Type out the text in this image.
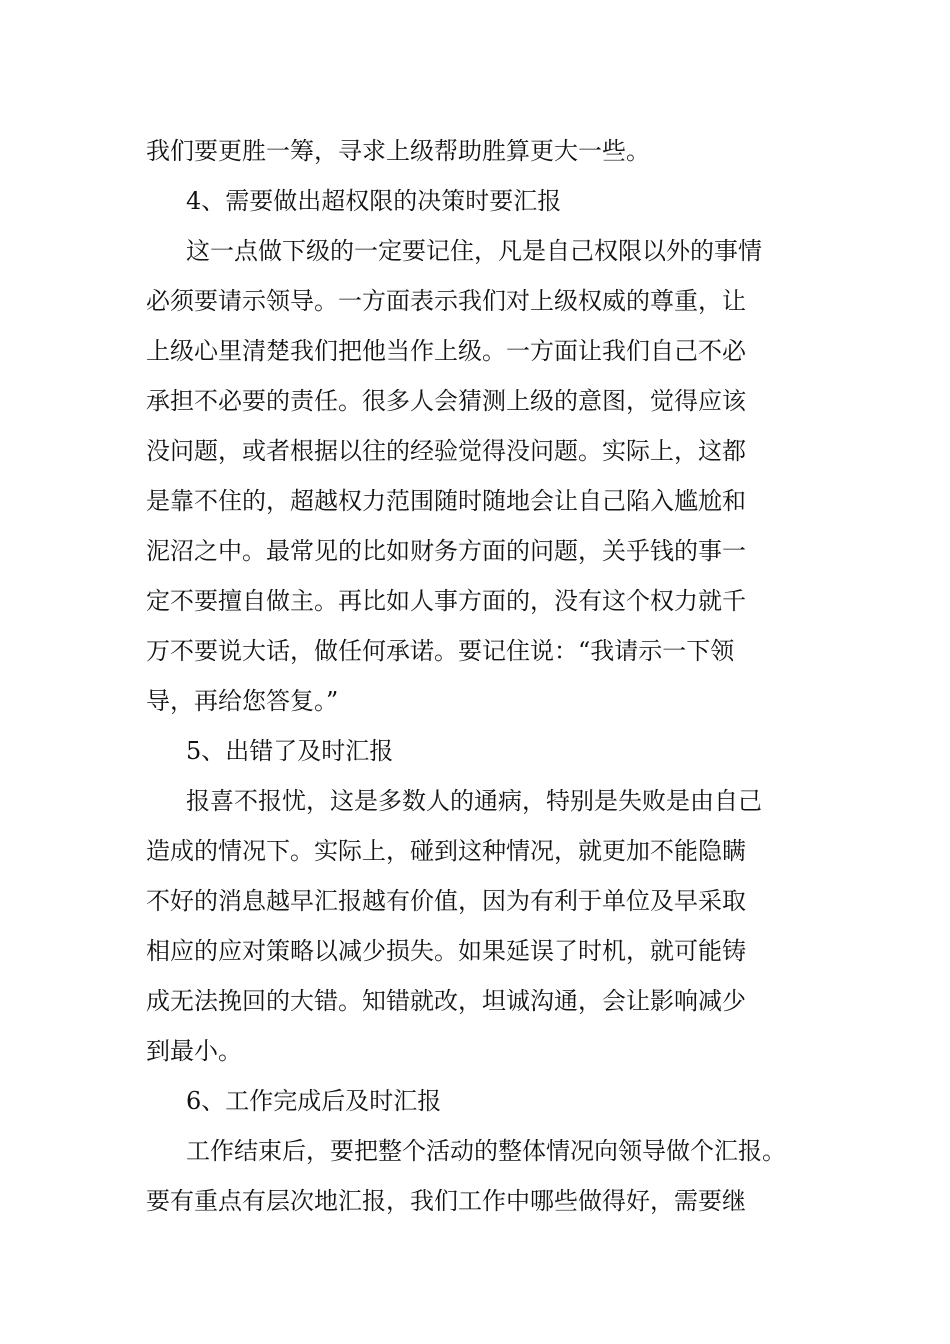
我们要更胜一筹，寻求上级帮助胜算更大一些。

4、需要做出超权限的决策时要汇报

这一点做下级的一定要记住，凡是自己权限以外的事情

必须要请示领导。一方面表示我们对上级权威的尊重，让

上级心里清楚我们把他当作上级。一方面让我们自己不必

承担不必要的责任。很多人会猜测上级的意图，觉得应该

没问题，或者根据以往的经验觉得没问题。实际上，这都

是靠不住的，超越权力范围随时随地会让自己陷入尴尬和

泥沼之中。最常见的比如财务方面的问题，关乎钱的事一

定不要擅自做主。再比如人事方面的，没有这个权力就千

万不要说大话，做任何承诺。要记住说：“我请示一下领

导，再给您答复。”

5、出错了及时汇报

报喜不报忧，这是多数人的通病，特别是失败是由自己

造成的情况下。实际上，碰到这种情况，就更加不能隐瞒

不好的消息越早汇报越有价值，因为有利于单位及早采取

相应的应对策略以减少损失。如果延误了时机，就可能铸

成无法挽回的大错。知错就改，坦诚沟通，会让影响减少

到最小。

6、工作完成后及时汇报

工作结束后，要把整个活动的整体情况向领导做个汇报。

要有重点有层次地汇报，我们工作中哪些做得好，需要继
